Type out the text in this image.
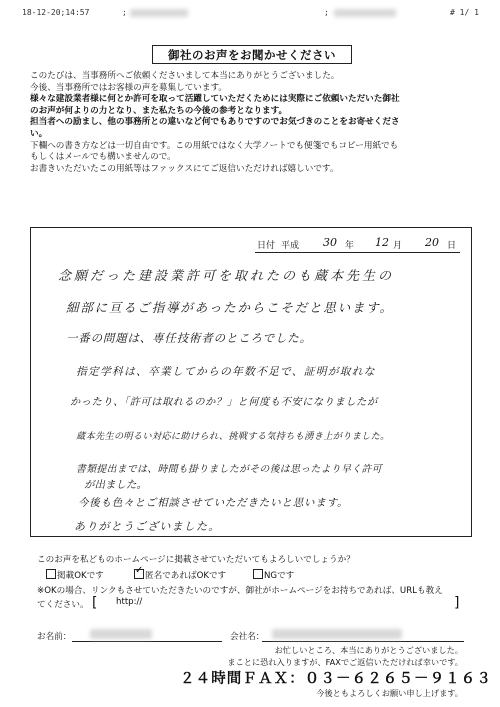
18-12-20;14:57	;	;	# 1/ 1
御社のお声をお聞かせください
このたびは、当事務所へご依頼くださいまして本当にありがとうございました。
今後、当事務所ではお客様の声を募集しています。
様々な建設業者様に何とか許可を取って活躍していただくためには実際にご依頼いただいた御社
のお声が何よりの力となり、また私たちの今後の参考となります。
担当者への励まし、他の事務所との違いなど何でもありですのでお気づきのことをお寄せくださ
い。
下欄への書き方などは一切自由です。この用紙ではなく大学ノートでも便箋でもコピー用紙でも
もしくはメールでも構いませんので。
お書きいただいたこの用紙等はファックスにてご返信いただければ嬉しいです。
日付 平成 30 年 12 月 20 日
念願だった建設業許可を取れたのも蔵本先生の
細部に亘るご指導があったからこそだと思います。
一番の問題は、専任技術者のところでした。
指定学科は、卒業してからの年数不足で、証明が取れな
かったり、「許可は取れるのか？」と何度も不安になりましたが
蔵本先生の明るい対応に助けられ、挑戦する気持ちも湧き上がりました。
書類提出までは、時間も掛りましたがその後は思ったより早く許可
が出ました。
今後も色々とご相談させていただきたいと思います。
ありがとうございました。
このお声を私どものホームページに掲載させていただいてもよろしいでしょうか？
掲載OKです
✓	匿名であればOKです	NGです
※OKの場合、リンクもさせていただきたいのですが、御社がホームページをお持ちであれば、URLも教え
てください。 [ http://	]
お名前：	会社名：
お忙しいところ、本当にありがとうございました。
まことに恐れ入りますが、FAXでご返信いただければ幸いです。
２４時間ＦＡＸ：０３－６２６５－９１６３
今後ともよろしくお願い申し上げます。
